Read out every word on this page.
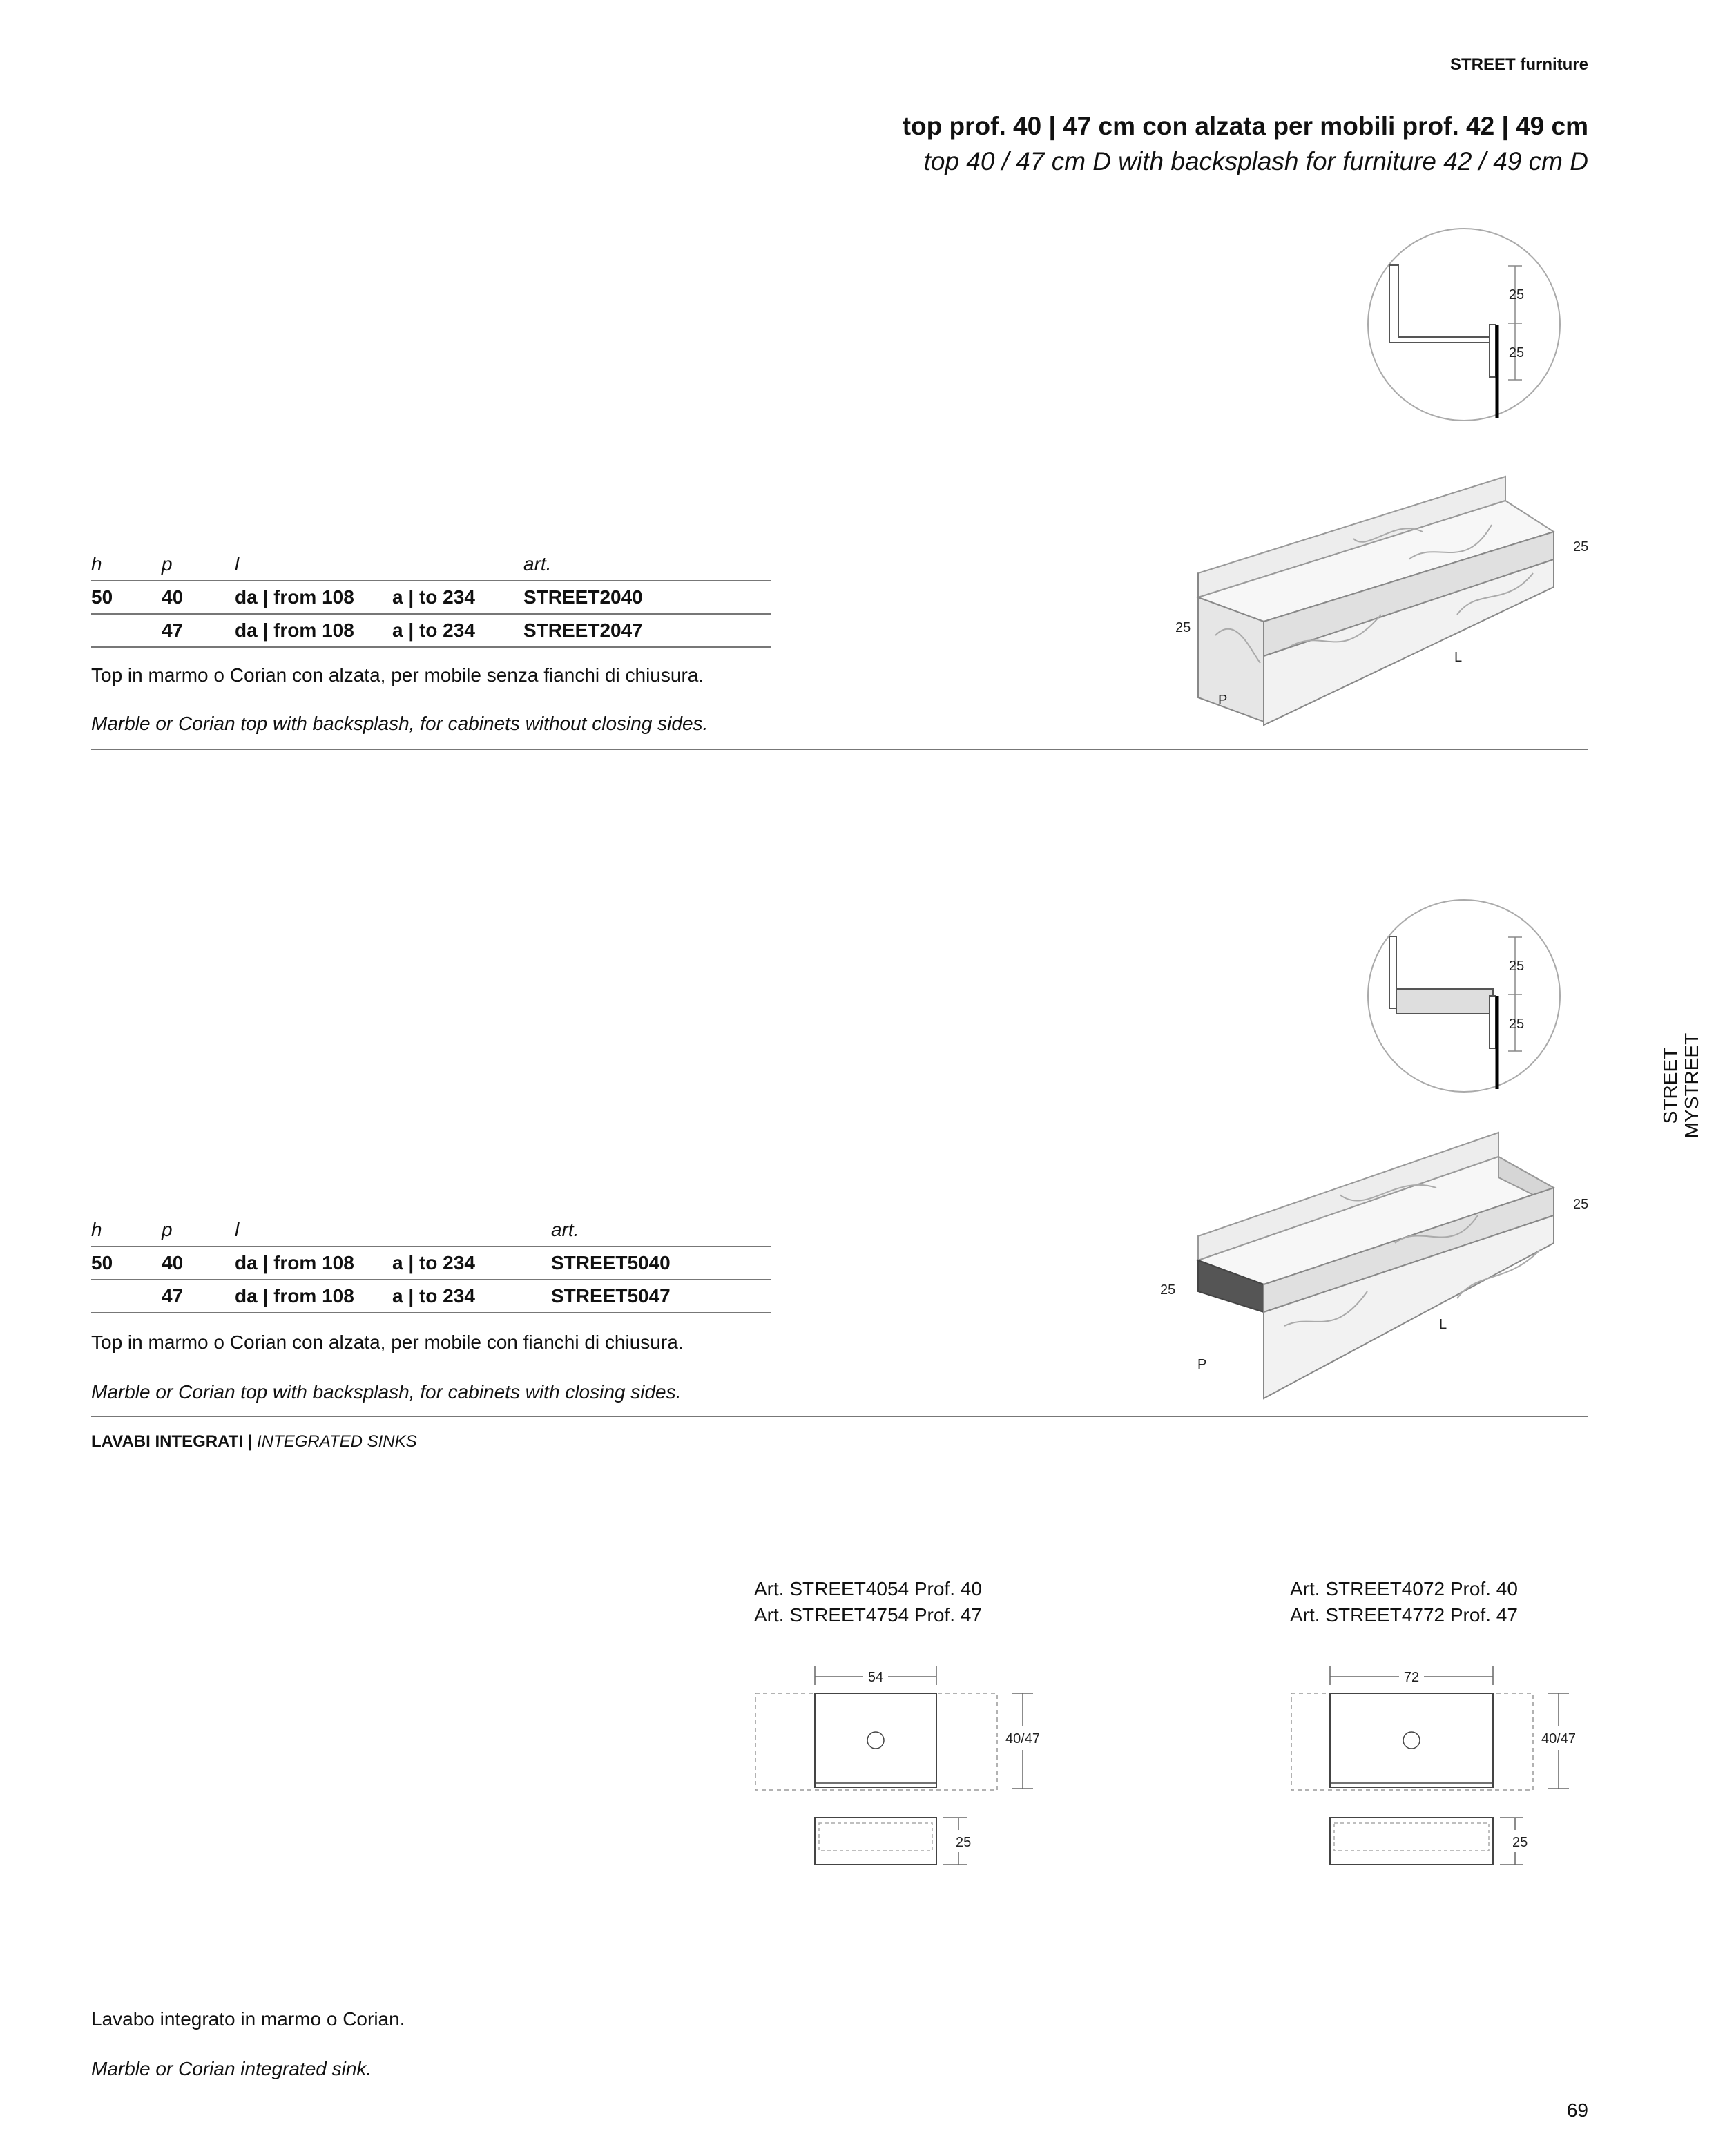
STREET furniture
top prof. 40 | 47 cm con alzata per mobili prof. 42 | 49 cm
top 40 / 47 cm D with backsplash for furniture 42 / 49 cm D
25
25
25
25
L
P
h	p	l		art.
50	40	da | from 108	a | to 234	STREET2040
	47	da | from 108	a | to 234	STREET2047
Top in marmo o Corian con alzata, per mobile senza fianchi di chiusura.
Marble or Corian top with backsplash, for cabinets without closing sides.
25
25
25
25
L
P
h	p	l		art.
50	40	da | from 108	a | to 234	STREET5040
	47	da | from 108	a | to 234	STREET5047
Top in marmo o Corian con alzata, per mobile con fianchi di chiusura.
Marble or Corian top with backsplash, for cabinets with closing sides.
LAVABI INTEGRATI | INTEGRATED SINKS
Art. STREET4054 Prof. 40
Art. STREET4754 Prof. 47
54
40/47
25
Art. STREET4072 Prof. 40
Art. STREET4772 Prof. 47
72
40/47
25
Lavabo integrato in marmo o Corian.
Marble or Corian integrated sink.
STREET MYSTREET
69
